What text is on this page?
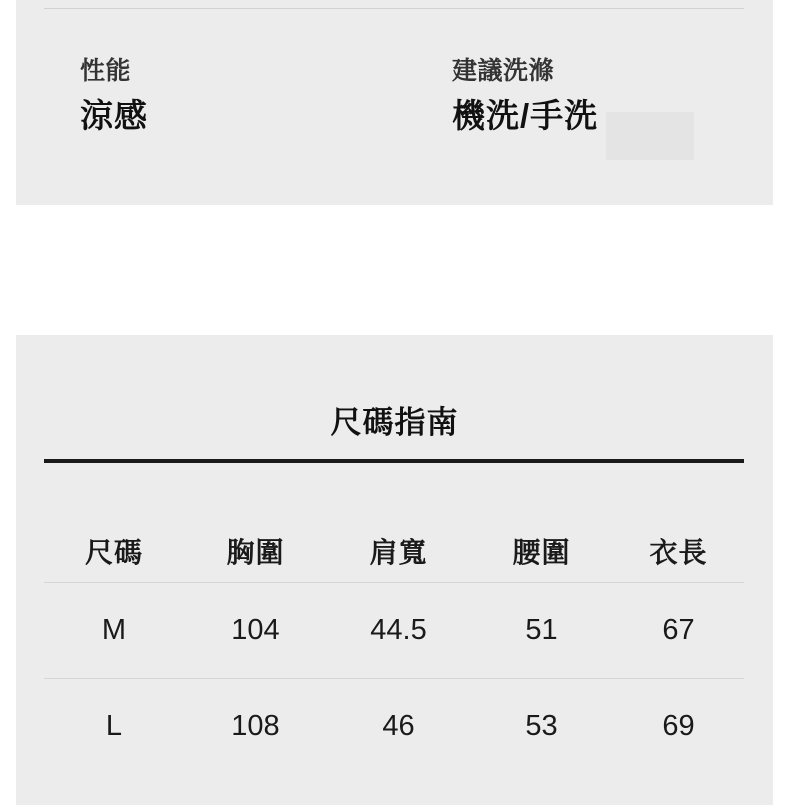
性能
涼感
建議洗滌
機洗/手洗
尺碼指南
尺碼	胸圍	肩寬	腰圍	衣長
M	104	44.5	51	67
L	108	46	53	69
